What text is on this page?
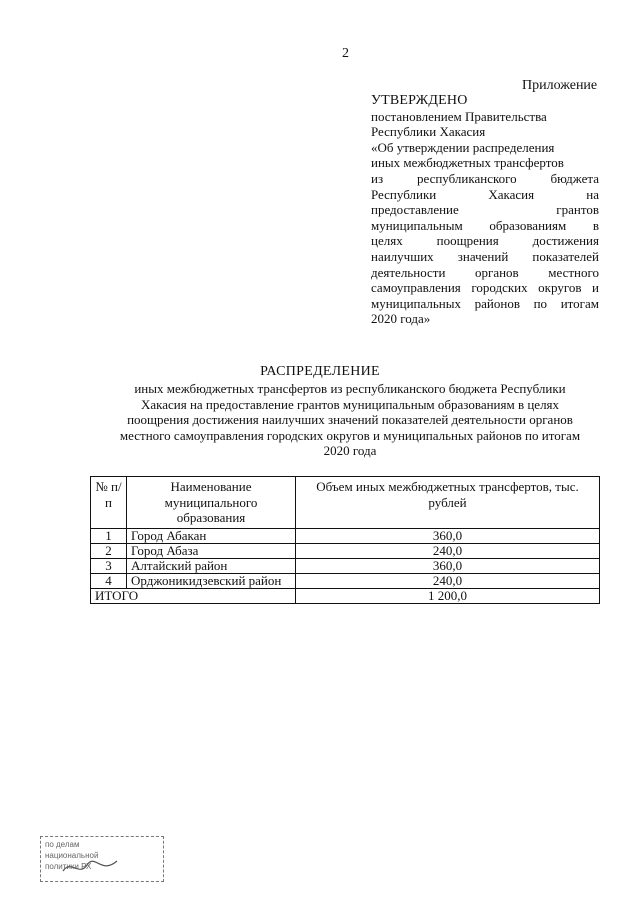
2
Приложение
УТВЕРЖДЕНО
постановлением Правительства
Республики Хакасия
«Об утверждении распределения
иных межбюджетных трансфертов
из	республиканского	бюджета
Республики	Хакасия	на
предоставление	грантов
муниципальным образованиям в
целях	поощрения	достижения
наилучших значений показателей
деятельности органов местного
самоуправления городских округов и
муниципальных районов по итогам
2020 года»
РАСПРЕДЕЛЕНИЕ
иных межбюджетных трансфертов из республиканского бюджета Республики
Хакасия на предоставление грантов муниципальным образованиям в целях
поощрения достижения наилучших значений показателей деятельности органов
местного самоуправления городских округов и муниципальных районов по итогам
2020 года
№ п/п	Наименование муниципального образования	Объем иных межбюджетных трансфертов, тыс. рублей
1	Город Абакан	360,0
2	Город Абаза	240,0
3	Алтайский район	360,0
4	Орджоникидзевский район	240,0
ИТОГО		1 200,0
по делам
национальной
политики РХ
